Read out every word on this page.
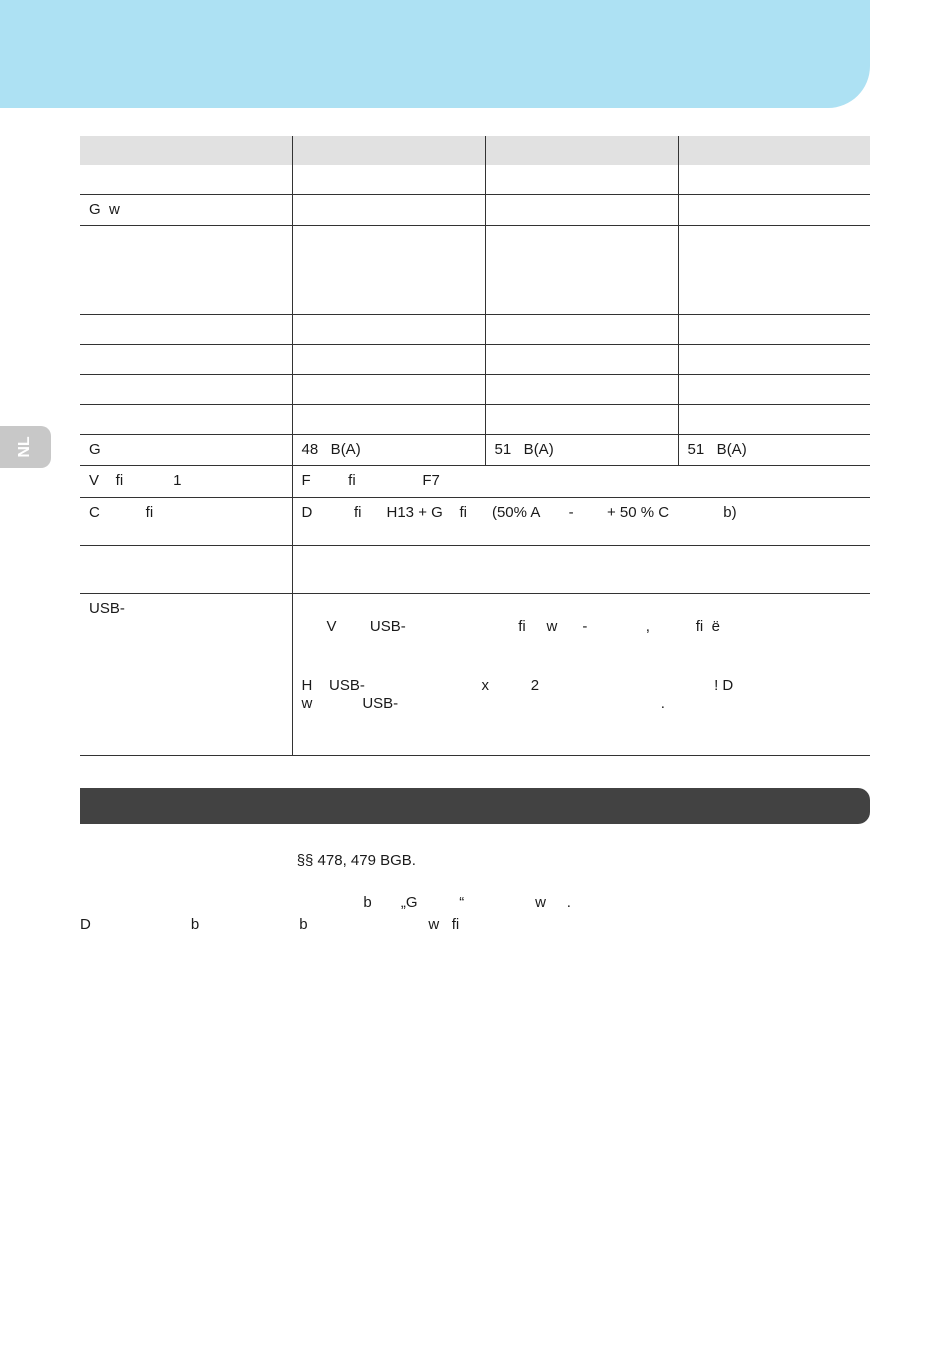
NL

G  w			

G	48   B(A)	51   B(A)	51   B(A)
V    fi            1	F         fi                F7		
C           fi	D          fi      H13 + G    fi      (50% A       -        + 50 % C             b)		

USB-	V        USB-                           fi     w      -              ,           fi  ë

H    USB-                            x          2                                          ! D
w            USB-                                                               .		

§§ 478, 479 BGB.
b       „G          “                 w     .
D                        b                        b                             w   fi
